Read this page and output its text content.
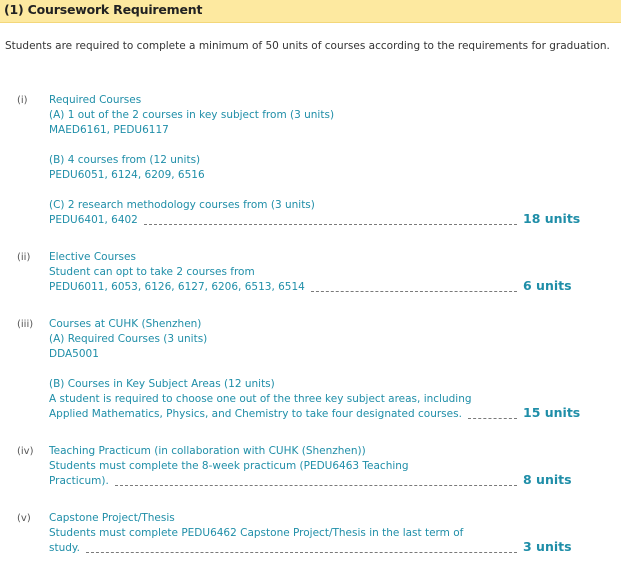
(1) Coursework Requirement
Students are required to complete a minimum of 50 units of courses according to the requirements for graduation.
(i) Required Courses
(A) 1 out of the 2 courses in key subject from (3 units)
MAED6161, PEDU6117
(B) 4 courses from (12 units)
PEDU6051, 6124, 6209, 6516
(C) 2 research methodology courses from (3 units)
PEDU6401, 6402	18 units
(ii) Elective Courses
Student can opt to take 2 courses from
PEDU6011, 6053, 6126, 6127, 6206, 6513, 6514	6 units
(iii) Courses at CUHK (Shenzhen)
(A) Required Courses (3 units)
DDA5001
(B) Courses in Key Subject Areas (12 units)
A student is required to choose one out of the three key subject areas, including
Applied Mathematics, Physics, and Chemistry to take four designated courses.	15 units
(iv) Teaching Practicum (in collaboration with CUHK (Shenzhen))
Students must complete the 8-week practicum (PEDU6463 Teaching
Practicum).	8 units
(v) Capstone Project/Thesis
Students must complete PEDU6462 Capstone Project/Thesis in the last term of
study.	3 units
